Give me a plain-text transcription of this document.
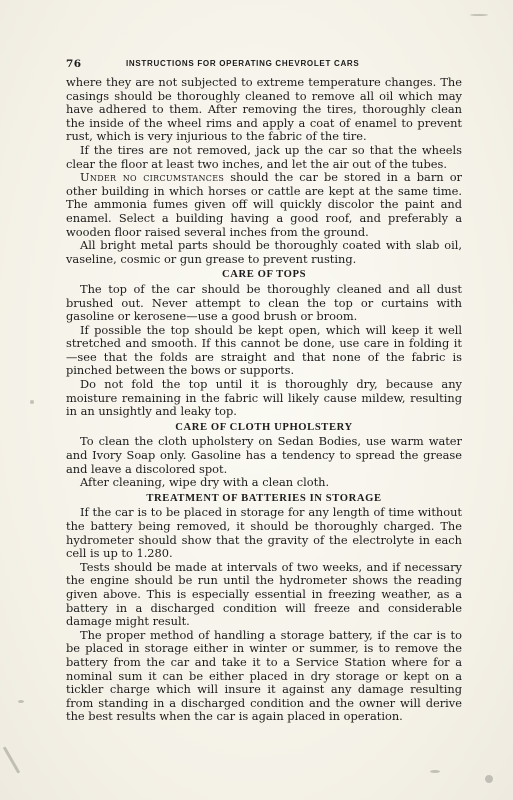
76	INSTRUCTIONS FOR OPERATING CHEVROLET CARS

where they are not subjected to extreme temperature changes. The casings should be thoroughly cleaned to remove all oil which may have adhered to them. After removing the tires, thoroughly clean the inside of the wheel rims and apply a coat of enamel to prevent rust, which is very injurious to the fabric of the tire.

If the tires are not removed, jack up the car so that the wheels clear the floor at least two inches, and let the air out of the tubes.

Under no circumstances should the car be stored in a barn or other building in which horses or cattle are kept at the same time. The ammonia fumes given off will quickly discolor the paint and enamel. Select a building having a good roof, and preferably a wooden floor raised several inches from the ground.

All bright metal parts should be thoroughly coated with slab oil, vaseline, cosmic or gun grease to prevent rusting.

CARE OF TOPS

The top of the car should be thoroughly cleaned and all dust brushed out. Never attempt to clean the top or curtains with gasoline or kerosene—use a good brush or broom.

If possible the top should be kept open, which will keep it well stretched and smooth. If this cannot be done, use care in folding it—see that the folds are straight and that none of the fabric is pinched between the bows or supports.

Do not fold the top until it is thoroughly dry, because any moisture remaining in the fabric will likely cause mildew, resulting in an unsightly and leaky top.

CARE OF CLOTH UPHOLSTERY

To clean the cloth upholstery on Sedan Bodies, use warm water and Ivory Soap only. Gasoline has a tendency to spread the grease and leave a discolored spot.

After cleaning, wipe dry with a clean cloth.

TREATMENT OF BATTERIES IN STORAGE

If the car is to be placed in storage for any length of time without the battery being removed, it should be thoroughly charged. The hydrometer should show that the gravity of the electrolyte in each cell is up to 1.280.

Tests should be made at intervals of two weeks, and if necessary the engine should be run until the hydrometer shows the reading given above. This is especially essential in freezing weather, as a battery in a discharged condition will freeze and considerable damage might result.

The proper method of handling a storage battery, if the car is to be placed in storage either in winter or summer, is to remove the battery from the car and take it to a Service Station where for a nominal sum it can be either placed in dry storage or kept on a tickler charge which will insure it against any damage resulting from standing in a discharged condition and the owner will derive the best results when the car is again placed in operation.
